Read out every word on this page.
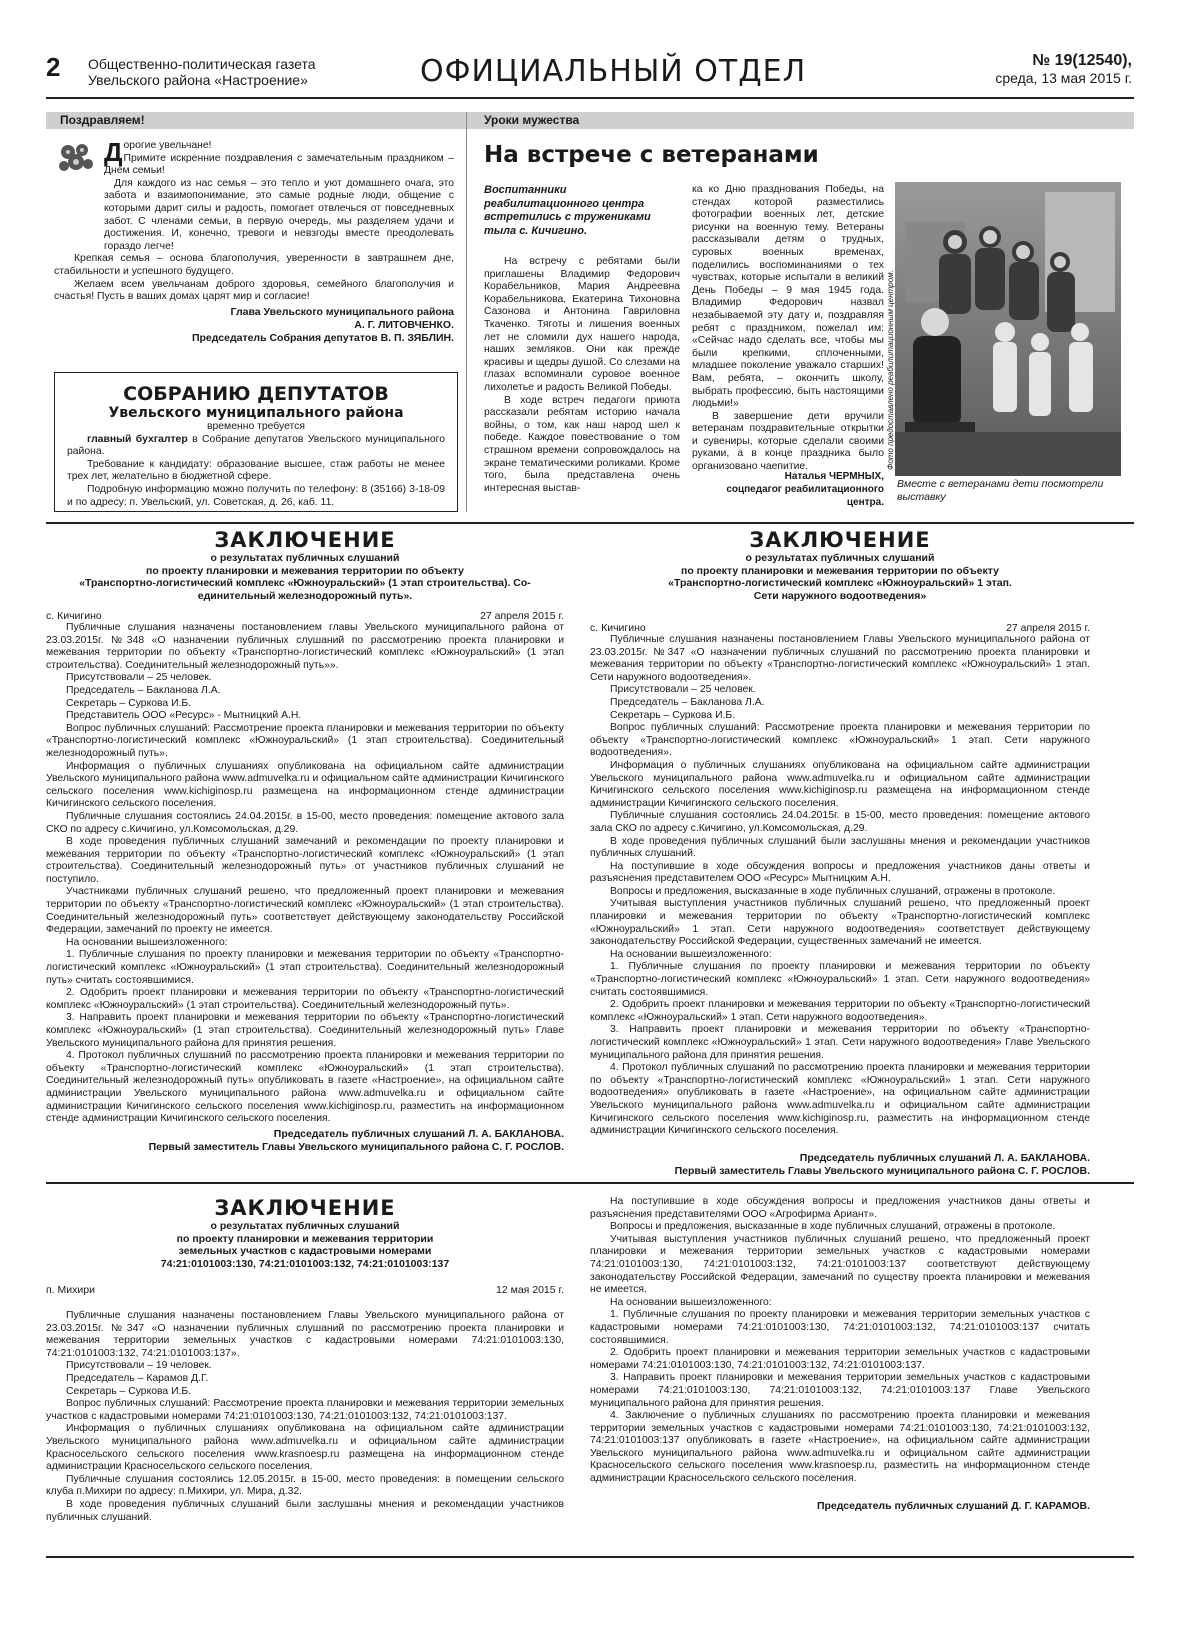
2 Общественно-политическая газета
Увельского района «Настроение»	ОФИЦИАЛЬНЫЙ ОТДЕЛ	№ 19(12540),
среда, 13 мая 2015 г.
Поздравляем!	Уроки мужества

Дорогие увельчане!

Примите искренние поздравления с замечательным праздником – Днем семьи!

Для каждого из нас семья – это тепло и уют домашнего очага, это забота и взаимопонимание, это самые родные люди, общение с которыми дарит силы и радость, помогает отвлечься от повседневных забот. С членами семьи, в первую очередь, мы разделяем удачи и достижения. И, конечно, тревоги и невзгоды вместе преодолевать гораздо легче!

Крепкая семья – основа благополучия, уверенности в завтрашнем дне, стабильности и успешного будущего.

Желаем всем увельчанам доброго здоровья, семейного благополучия и счастья! Пусть в ваших домах царят мир и согласие!

Глава Увельского муниципального района
А. Г. ЛИТОВЧЕНКО.
Председатель Собрания депутатов В. П. ЗЯБЛИН.
СОБРАНИЮ ДЕПУТАТОВ
Увельского муниципального района
временно требуется

главный бухгалтер в Собрание депутатов Увельского муниципального района.

Требование к кандидату: образование высшее, стаж работы не менее трех лет, желательно в бюджетной сфере.

Подробную информацию можно получить по телефону: 8 (35166) 3-18-09 и по адресу: п. Увельский, ул. Советская, д. 26, каб. 11.

На встрече с ветеранами
Воспитанники реабилитационного центра встретились с тружениками тыла с. Кичигино.

На встречу с ребятами были приглашены Владимир Федорович Корабельников, Мария Андреевна Корабельникова, Екатерина Тихоновна Сазонова и Антонина Гавриловна Ткаченко. Тяготы и лишения военных лет не сломили дух нашего народа, наших земляков. Они как прежде красивы и щедры душой. Со слезами на глазах вспоминали суровое военное лихолетье и радость Великой Победы.

В ходе встреч педагоги приюта рассказали ребятам историю начала войны, о том, как наш народ шел к победе. Каждое повествование о том страшном времени сопровождалось на экране тематическими роликами. Кроме того, была представлена очень интересная выстав-

ка ко Дню празднования Победы, на стендах которой разместились фотографии военных лет, детские рисунки на военную тему. Ветераны рассказывали детям о трудных, суровых военных временах, поделились воспоминаниями о тех чувствах, которые испытали в великий День Победы – 9 мая 1945 года. Владимир Федорович назвал незабываемой эту дату и, поздравляя ребят с праздником, пожелал им: «Сейчас надо сделать все, чтобы мы были крепкими, сплоченными, младшее поколение уважало старших! Вам, ребята, – окончить школу, выбрать профессию, быть настоящими людьми!»

В завершение дети вручили ветеранам поздравительные открытки и сувениры, которые сделали своими руками, а в конце праздника было организовано чаепитие.

Наталья ЧЕРМНЫХ,
соцпедагог реабилитационного
центра.
Фото предоставлено реабилитационным центром.
Вместе с ветеранами дети посмотрели выставку
ЗАКЛЮЧЕНИЕ
о результатах публичных слушаний
по проекту планировки и межевания территории по объекту
«Транспортно-логистический комплекс «Южноуральский» (1 этап строительства). Со-
единительный железнодорожный путь».
с. Кичигино	27 апреля 2015 г.

Публичные слушания назначены постановлением главы Увельского муниципального района от 23.03.2015г. №348 «О назначении публичных слушаний по рассмотрению проекта планировки и межевания территории по объекту «Транспортно-логистический комплекс «Южноуральский» (1 этап строительства). Соединительный железнодорожный путь»».

Присутствовали – 25 человек.

Председатель – Бакланова Л.А.

Секретарь – Суркова И.Б.

Представитель ООО «Ресурс» - Мытницкий А.Н.

Вопрос публичных слушаний: Рассмотрение проекта планировки и межевания территории по объекту «Транспортно-логистический комплекс «Южноуральский» (1 этап строительства). Соединительный железнодорожный путь».

Информация о публичных слушаниях опубликована на официальном сайте администрации Увельского муниципального района www.admuvelka.ru и официальном сайте администрации Кичигинского сельского поселения www.kichiginosp.ru размещена на информационном стенде администрации Кичигинского сельского поселения.

Публичные слушания состоялись 24.04.2015г. в 15-00, место проведения: помещение актового зала СКО по адресу с.Кичигино, ул.Комсомольская, д.29.

В ходе проведения публичных слушаний замечаний и рекомендации по проекту планировки и межевания территории по объекту «Транспортно-логистический комплекс «Южноуральский» (1 этап строительства). Соединительный железнодорожный путь» от участников публичных слушаний не поступило.

Участниками публичных слушаний решено, что предложенный проект планировки и межевания территории по объекту «Транспортно-логистический комплекс «Южноуральский» (1 этап строительства). Соединительный железнодорожный путь» соответствует действующему законодательству Российской Федерации, замечаний по проекту не имеется.

На основании вышеизложенного:

1. Публичные слушания по проекту планировки и межевания территории по объекту «Транспортно-логистический комплекс «Южноуральский» (1 этап строительства). Соединительный железнодорожный путь» считать состоявшимися.

2. Одобрить проект планировки и межевания территории по объекту «Транспортно-логистический комплекс «Южноуральский» (1 этап строительства). Соединительный железнодорожный путь».

3. Направить проект планировки и межевания территории по объекту «Транспортно-логистический комплекс «Южноуральский» (1 этап строительства). Соединительный железнодорожный путь» Главе Увельского муниципального района для принятия решения.

4. Протокол публичных слушаний по рассмотрению проекта планировки и межевания территории по объекту «Транспортно-логистический комплекс «Южноуральский» (1 этап строительства). Соединительный железнодорожный путь» опубликовать в газете «Настроение», на официальном сайте администрации Увельского муниципального района www.admuvelka.ru и официальном сайте администрации Кичигинского сельского поселения www.kichiginosp.ru, разместить на информационном стенде администрации Кичигинского сельского поселения.

Председатель публичных слушаний Л. А. БАКЛАНОВА.
Первый заместитель Главы Увельского муниципального района С. Г. РОСЛОВ.
ЗАКЛЮЧЕНИЕ
о результатах публичных слушаний
по проекту планировки и межевания территории по объекту
«Транспортно-логистический комплекс «Южноуральский» 1 этап.
Сети наружного водоотведения»
с. Кичигино	27 апреля 2015 г.

Публичные слушания назначены постановлением Главы Увельского муниципального района от 23.03.2015г. №347 «О назначении публичных слушаний по рассмотрению проекта планировки и межевания территории по объекту «Транспортно-логистический комплекс «Южноуральский» 1 этап. Сети наружного водоотведения».

Присутствовали – 25 человек.

Председатель – Бакланова Л.А.

Секретарь – Суркова И.Б.

Вопрос публичных слушаний: Рассмотрение проекта планировки и межевания территории по объекту «Транспортно-логистический комплекс «Южноуральский» 1 этап. Сети наружного водоотведения».

Информация о публичных слушаниях опубликована на официальном сайте администрации Увельского муниципального района www.admuvelka.ru и официальном сайте администрации Кичигинского сельского поселения www.kichiginosp.ru размещена на информационном стенде администрации Кичигинского сельского поселения.

Публичные слушания состоялись 24.04.2015г. в 15-00, место проведения: помещение актового зала СКО по адресу с.Кичигино, ул.Комсомольская, д.29.

В ходе проведения публичных слушаний были заслушаны мнения и рекомендации участников публичных слушаний.

На поступившие в ходе обсуждения вопросы и предложения участников даны ответы и разъяснения представителем ООО «Ресурс» Мытницким А.Н.

Вопросы и предложения, высказанные в ходе публичных слушаний, отражены в протоколе.

Учитывая выступления участников публичных слушаний решено, что предложенный проект планировки и межевания территории по объекту «Транспортно-логистический комплекс «Южноуральский» 1 этап. Сети наружного водоотведения» соответствует действующему законодательству Российской Федерации, существенных замечаний не имеется.

На основании вышеизложенного:

1. Публичные слушания по проекту планировки и межевания территории по объекту «Транспортно-логистический комплекс «Южноуральский» 1 этап. Сети наружного водоотведения» считать состоявшимися.

2. Одобрить проект планировки и межевания территории по объекту «Транспортно-логистический комплекс «Южноуральский» 1 этап. Сети наружного водоотведения».

3. Направить проект планировки и межевания территории по объекту «Транспортно-логистический комплекс «Южноуральский» 1 этап. Сети наружного водоотведения» Главе Увельского муниципального района для принятия решения.

4. Протокол публичных слушаний по рассмотрению проекта планировки и межевания территории по объекту «Транспортно-логистический комплекс «Южноуральский» 1 этап. Сети наружного водоотведения» опубликовать в газете «Настроение», на официальном сайте администрации Увельского муниципального района www.admuvelka.ru и официальном сайте администрации Кичигинского сельского поселения www.kichiginosp.ru, разместить на информационном стенде администрации Кичигинского сельского поселения.

Председатель публичных слушаний Л. А. БАКЛАНОВА.
Первый заместитель Главы Увельского муниципального района С. Г. РОСЛОВ.
ЗАКЛЮЧЕНИЕ
о результатах публичных слушаний
по проекту планировки и межевания территории
земельных участков с кадастровыми номерами
74:21:0101003:130, 74:21:0101003:132, 74:21:0101003:137
п. Михири	12 мая 2015 г.

Публичные слушания назначены постановлением Главы Увельского муниципального района от 23.03.2015г. №347 «О назначении публичных слушаний по рассмотрению проекта планировки и межевания территории земельных участков с кадастровыми номерами 74:21:0101003:130, 74:21:0101003:132, 74:21:0101003:137».

Присутствовали – 19 человек.

Председатель – Карамов Д.Г.

Секретарь – Суркова И.Б.

Вопрос публичных слушаний: Рассмотрение проекта планировки и межевания территории земельных участков с кадастровыми номерами 74:21:0101003:130, 74:21:0101003:132, 74:21:0101003:137.

Информация о публичных слушаниях опубликована на официальном сайте администрации Увельского муниципального района www.admuvelka.ru и официальном сайте администрации Красносельского сельского поселения www.krasnoesp.ru размещена на информационном стенде администрации Красносельского сельского поселения.

Публичные слушания состоялись 12.05.2015г. в 15-00, место проведения: в помещении сельского клуба п.Михири по адресу: п.Михири, ул. Мира, д.32.

В ходе проведения публичных слушаний были заслушаны мнения и рекомендации участников публичных слушаний.

На поступившие в ходе обсуждения вопросы и предложения участников даны ответы и разъяснения представителями ООО «Агрофирма Ариант».

Вопросы и предложения, высказанные в ходе публичных слушаний, отражены в протоколе.

Учитывая выступления участников публичных слушаний решено, что предложенный проект планировки и межевания территории земельных участков с кадастровыми номерами 74:21:0101003:130, 74:21:0101003:132, 74:21:0101003:137 соответствуют действующему законодательству Российской Федерации, замечаний по существу проекта планировки и межевания не имеется.

На основании вышеизложенного:

1. Публичные слушания по проекту планировки и межевания территории земельных участков с кадастровыми номерами 74:21:0101003:130, 74:21:0101003:132, 74:21:0101003:137 считать состоявшимися.

2. Одобрить проект планировки и межевания территории земельных участков с кадастровыми номерами 74:21:0101003:130, 74:21:0101003:132, 74:21:0101003:137.

3. Направить проект планировки и межевания территории земельных участков с кадастровыми номерами 74:21:0101003:130, 74:21:0101003:132, 74:21:0101003:137 Главе Увельского муниципального района для принятия решения.

4. Заключение о публичных слушаниях по рассмотрению проекта планировки и межевания территории земельных участков с кадастровыми номерами 74:21:0101003:130, 74:21:0101003:132, 74:21:0101003:137 опубликовать в газете «Настроение», на официальном сайте администрации Увельского муниципального района www.admuvelka.ru и официальном сайте администрации Красносельского сельского поселения www.krasnoesp.ru, разместить на информационном стенде администрации Красносельского сельского поселения.

Председатель публичных слушаний Д. Г. КАРАМОВ.
